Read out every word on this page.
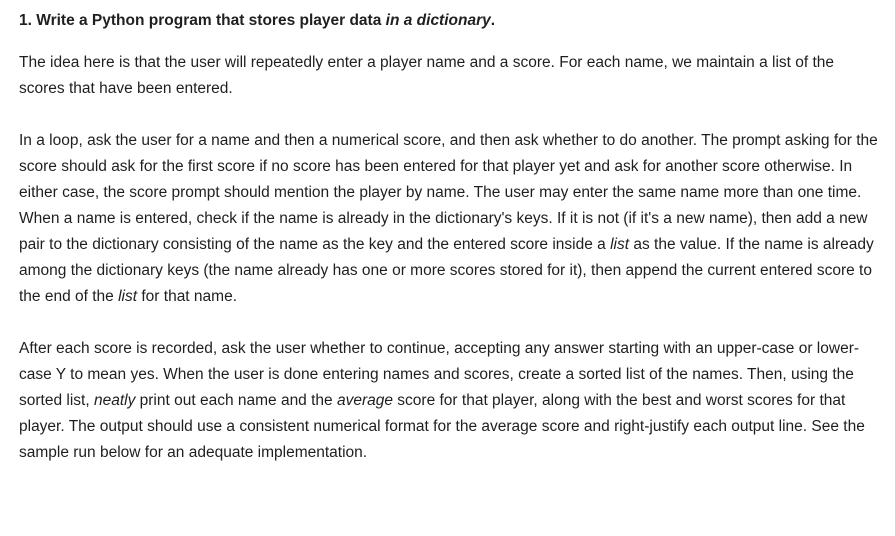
1. Write a Python program that stores player data in a dictionary.

The idea here is that the user will repeatedly enter a player name and a score. For each name, we maintain a list of the scores that have been entered.

In a loop, ask the user for a name and then a numerical score, and then ask whether to do another. The prompt asking for the score should ask for the first score if no score has been entered for that player yet and ask for another score otherwise. In either case, the score prompt should mention the player by name. The user may enter the same name more than one time. When a name is entered, check if the name is already in the dictionary's keys. If it is not (if it's a new name), then add a new pair to the dictionary consisting of the name as the key and the entered score inside a list as the value. If the name is already among the dictionary keys (the name already has one or more scores stored for it), then append the current entered score to the end of the list for that name.

After each score is recorded, ask the user whether to continue, accepting any answer starting with an upper-case or lower-case Y to mean yes. When the user is done entering names and scores, create a sorted list of the names. Then, using the sorted list, neatly print out each name and the average score for that player, along with the best and worst scores for that player. The output should use a consistent numerical format for the average score and right-justify each output line. See the sample run below for an adequate implementation.
